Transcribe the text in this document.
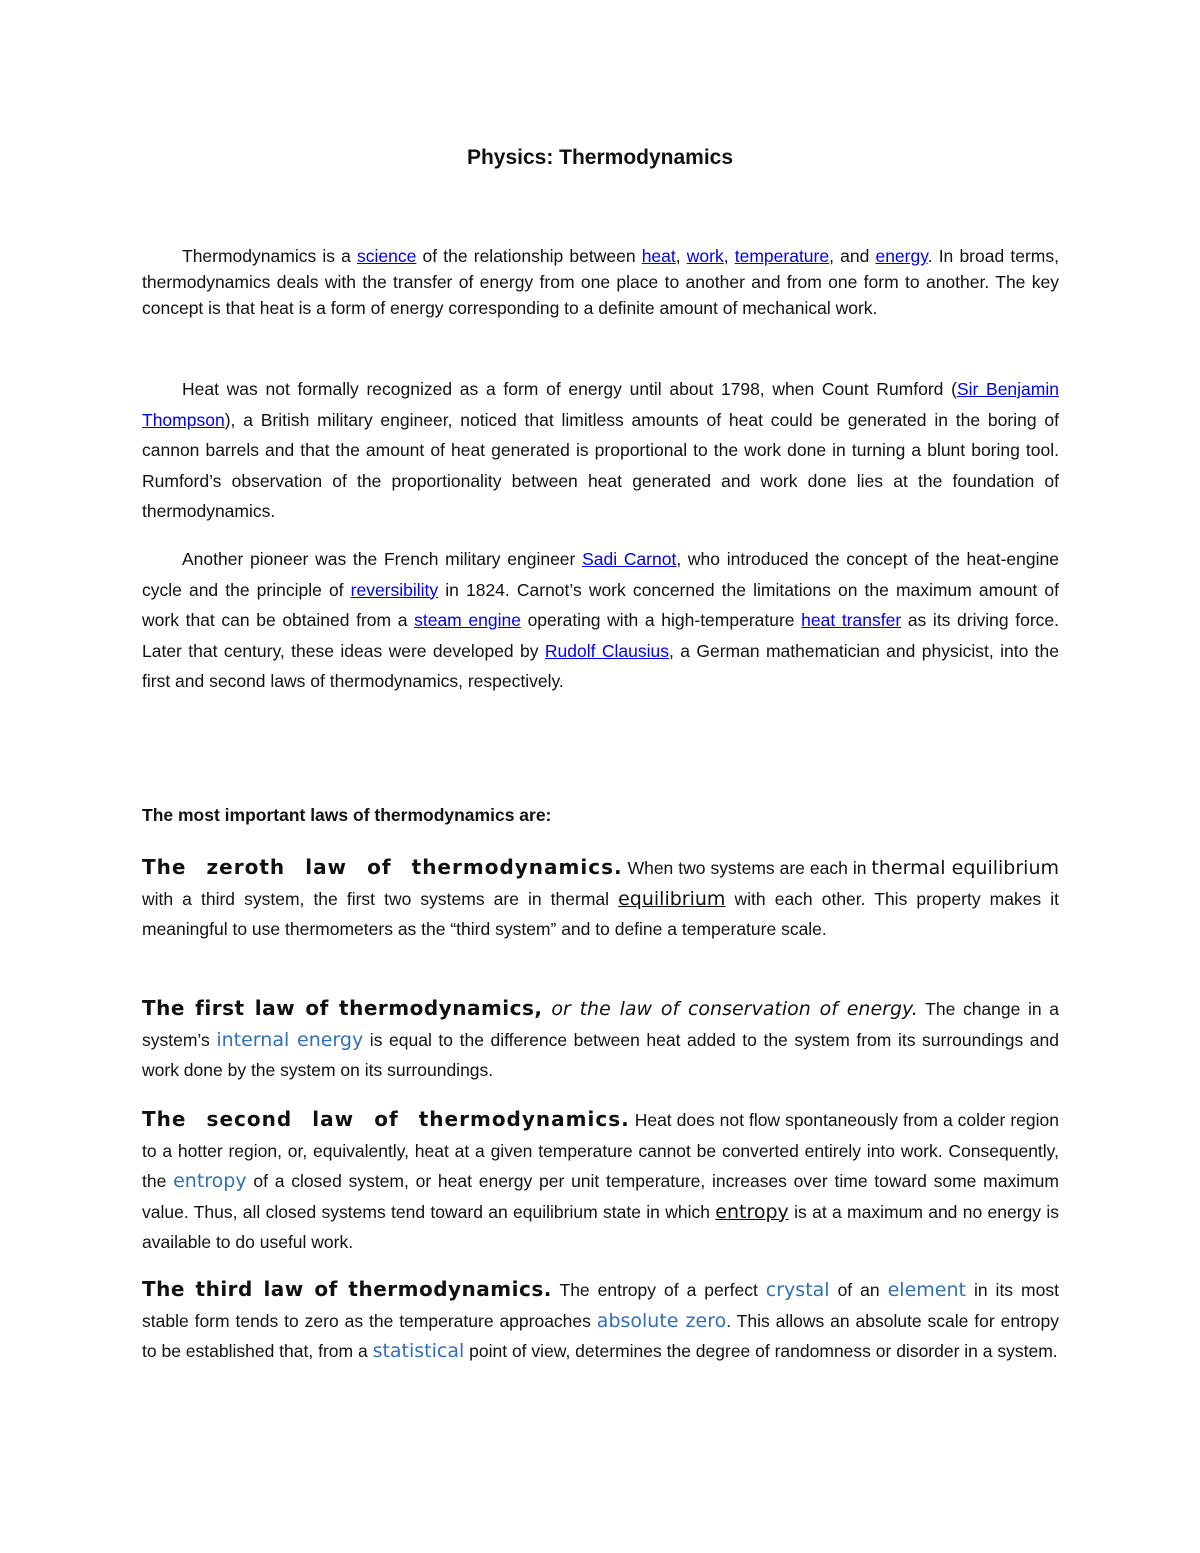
Physics: Thermodynamics

Thermodynamics is a science of the relationship between heat, work, temperature, and energy. In broad terms, thermodynamics deals with the transfer of energy from one place to another and from one form to another. The key concept is that heat is a form of energy corresponding to a definite amount of mechanical work.

Heat was not formally recognized as a form of energy until about 1798, when Count Rumford (Sir Benjamin Thompson), a British military engineer, noticed that limitless amounts of heat could be generated in the boring of cannon barrels and that the amount of heat generated is proportional to the work done in turning a blunt boring tool. Rumford’s observation of the proportionality between heat generated and work done lies at the foundation of thermodynamics.

Another pioneer was the French military engineer Sadi Carnot, who introduced the concept of the heat-engine cycle and the principle of reversibility in 1824. Carnot’s work concerned the limitations on the maximum amount of work that can be obtained from a steam engine operating with a high-temperature heat transfer as its driving force. Later that century, these ideas were developed by Rudolf Clausius, a German mathematician and physicist, into the first and second laws of thermodynamics, respectively.

The most important laws of thermodynamics are:

The zeroth law of thermodynamics. When two systems are each in thermal equilibrium with a third system, the first two systems are in thermal equilibrium with each other. This property makes it meaningful to use thermometers as the “third system” and to define a temperature scale.

The first law of thermodynamics, or the law of conservation of energy. The change in a system’s internal energy is equal to the difference between heat added to the system from its surroundings and work done by the system on its surroundings.

The second law of thermodynamics. Heat does not flow spontaneously from a colder region to a hotter region, or, equivalently, heat at a given temperature cannot be converted entirely into work. Consequently, the entropy of a closed system, or heat energy per unit temperature, increases over time toward some maximum value. Thus, all closed systems tend toward an equilibrium state in which entropy is at a maximum and no energy is available to do useful work.

The third law of thermodynamics. The entropy of a perfect crystal of an element in its most stable form tends to zero as the temperature approaches absolute zero. This allows an absolute scale for entropy to be established that, from a statistical point of view, determines the degree of randomness or disorder in a system.
